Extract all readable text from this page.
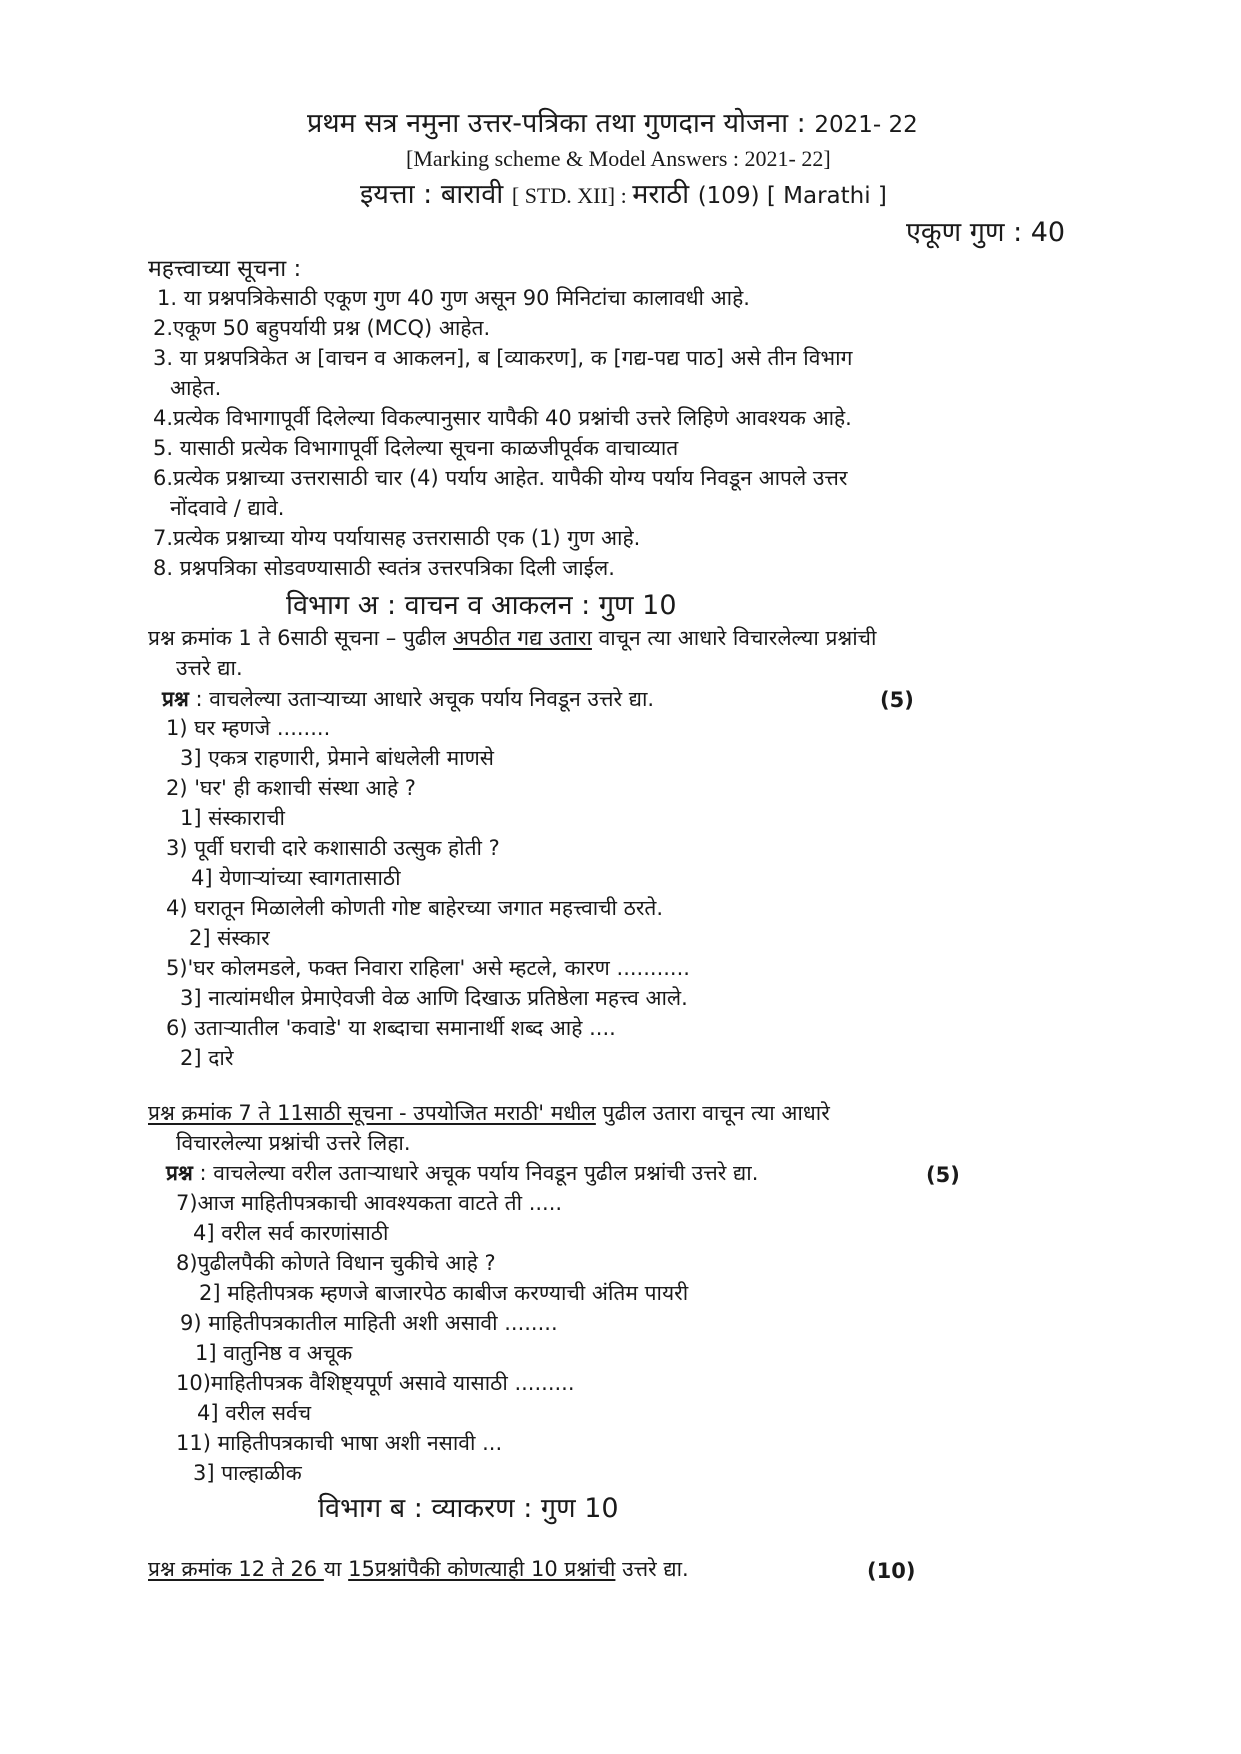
प्रथम सत्र नमुना उत्तर-पत्रिका तथा गुणदान योजना : 2021- 22
[Marking scheme & Model Answers : 2021- 22]
इयत्ता : बारावी [ STD. XII] : मराठी (109) [ Marathi ]
एकूण गुण : 40
महत्त्वाच्या सूचना :
1. या प्रश्नपत्रिकेसाठी एकूण गुण 40 गुण असून 90 मिनिटांचा कालावधी आहे.
2.एकूण 50 बहुपर्यायी प्रश्न (MCQ) आहेत.
3. या प्रश्नपत्रिकेत अ [वाचन व आकलन], ब [व्याकरण], क [गद्य-पद्य पाठ] असे तीन विभाग
आहेत.
4.प्रत्येक विभागापूर्वी दिलेल्या विकल्पानुसार यापैकी 40 प्रश्नांची उत्तरे लिहिणे आवश्यक आहे.
5. यासाठी प्रत्येक विभागापूर्वी दिलेल्या सूचना काळजीपूर्वक वाचाव्यात
6.प्रत्येक प्रश्नाच्या उत्तरासाठी चार (4) पर्याय आहेत. यापैकी योग्य पर्याय निवडून आपले उत्तर
नोंदवावे / द्यावे.
7.प्रत्येक प्रश्नाच्या योग्य पर्यायासह उत्तरासाठी एक (1) गुण आहे.
8. प्रश्नपत्रिका सोडवण्यासाठी स्वतंत्र उत्तरपत्रिका दिली जाईल.
विभाग अ : वाचन व आकलन : गुण 10
प्रश्न क्रमांक 1 ते 6साठी सूचना – पुढील अपठीत गद्य उतारा वाचून त्या आधारे विचारलेल्या प्रश्नांची
उत्तरे द्या.
प्रश्न : वाचलेल्या उताऱ्याच्या आधारे अचूक पर्याय निवडून उत्तरे द्या.	(5)
1) घर म्हणजे ........
3] एकत्र राहणारी, प्रेमाने बांधलेली माणसे
2) 'घर' ही कशाची संस्था आहे ?
1] संस्काराची
3) पूर्वी घराची दारे कशासाठी उत्सुक होती ?
4] येणाऱ्यांच्या स्वागतासाठी
4) घरातून मिळालेली कोणती गोष्ट बाहेरच्या जगात महत्त्वाची ठरते.
2] संस्कार
5)'घर कोलमडले, फक्त निवारा राहिला' असे म्हटले, कारण ...........
3] नात्यांमधील प्रेमाऐवजी वेळ आणि दिखाऊ प्रतिष्ठेला महत्त्व आले.
6) उताऱ्यातील 'कवाडे' या शब्दाचा समानार्थी शब्द आहे ....
2] दारे
प्रश्न क्रमांक 7 ते 11साठी सूचना - उपयोजित मराठी' मधील पुढील उतारा वाचून त्या आधारे
विचारलेल्या प्रश्नांची उत्तरे लिहा.
प्रश्न : वाचलेल्या वरील उताऱ्याधारे अचूक पर्याय निवडून पुढील प्रश्नांची उत्तरे द्या.	(5)
7)आज माहितीपत्रकाची आवश्यकता वाटते ती .....
4] वरील सर्व कारणांसाठी
8)पुढीलपैकी कोणते विधान चुकीचे आहे ?
2] महितीपत्रक म्हणजे बाजारपेठ काबीज करण्याची अंतिम पायरी
9) माहितीपत्रकातील माहिती अशी असावी ........
1] वातुनिष्ठ व अचूक
10)माहितीपत्रक वैशिष्ट्यपूर्ण असावे यासाठी .........
4] वरील सर्वच
11) माहितीपत्रकाची भाषा अशी नसावी ...
3] पाल्हाळीक
विभाग ब : व्याकरण : गुण 10
प्रश्न क्रमांक 12 ते 26 या 15प्रश्नांपैकी कोणत्याही 10 प्रश्नांची उत्तरे द्या.	(10)
